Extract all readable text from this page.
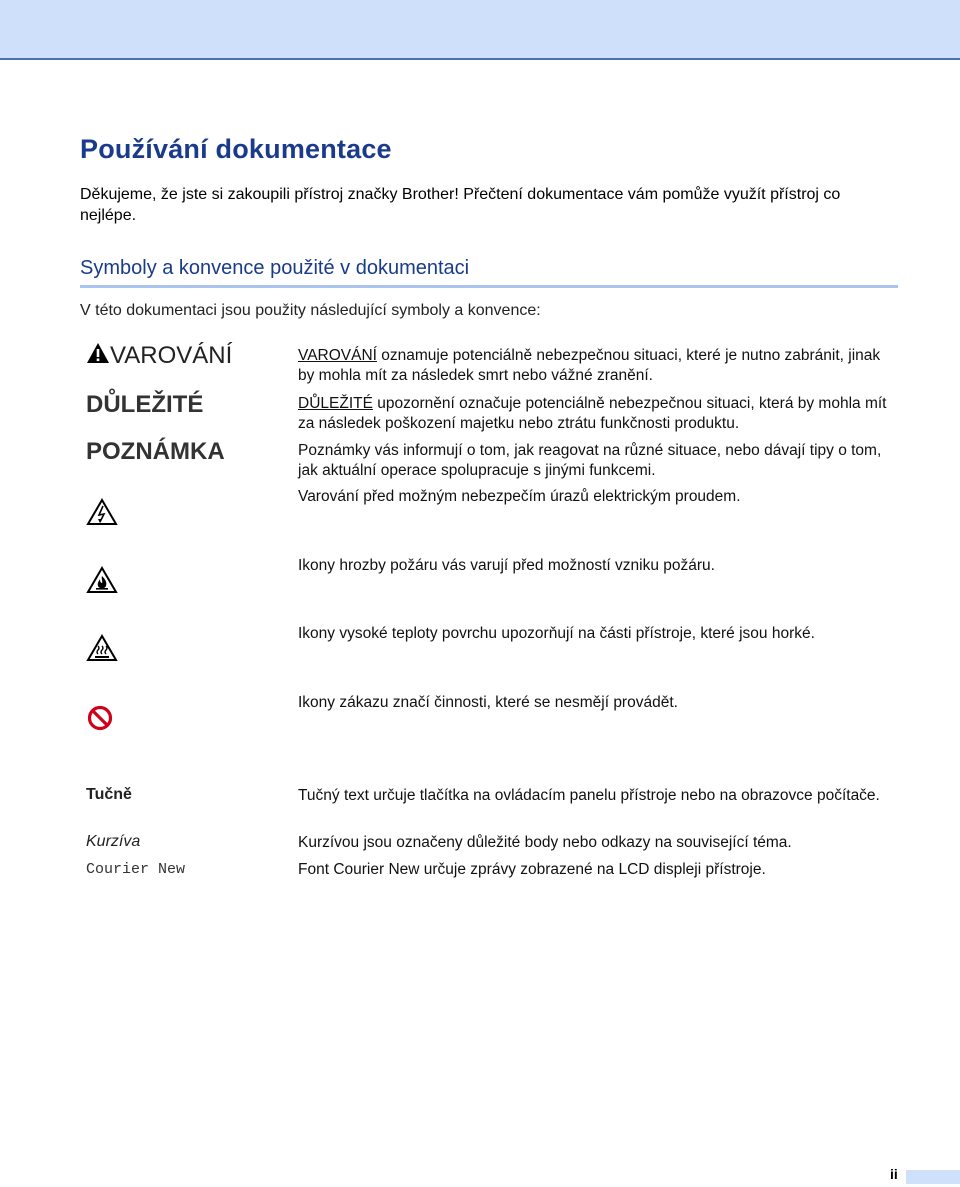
Používání dokumentace

Děkujeme, že jste si zakoupili přístroj značky Brother! Přečtení dokumentace vám pomůže využít přístroj co nejlépe.

Symboly a konvence použité v dokumentaci

V této dokumentaci jsou použity následující symboly a konvence:

VAROVÁNÍ	VAROVÁNÍ oznamuje potenciálně nebezpečnou situaci, které je nutno zabránit, jinak by mohla mít za následek smrt nebo vážné zranění.

DŮLEŽITÉ	DŮLEŽITÉ upozornění označuje potenciálně nebezpečnou situaci, která by mohla mít za následek poškození majetku nebo ztrátu funkčnosti produktu.

POZNÁMKA	Poznámky vás informují o tom, jak reagovat na různé situace, nebo dávají tipy o tom, jak aktuální operace spolupracuje s jinými funkcemi.

Varování před možným nebezpečím úrazů elektrickým proudem.

Ikony hrozby požáru vás varují před možností vzniku požáru.

Ikony vysoké teploty povrchu upozorňují na části přístroje, které jsou horké.

Ikony zákazu značí činnosti, které se nesmějí provádět.

Tučně	Tučný text určuje tlačítka na ovládacím panelu přístroje nebo na obrazovce počítače.

Kurzíva	Kurzívou jsou označeny důležité body nebo odkazy na související téma.

Courier New	Font Courier New určuje zprávy zobrazené na LCD displeji přístroje.

ii
